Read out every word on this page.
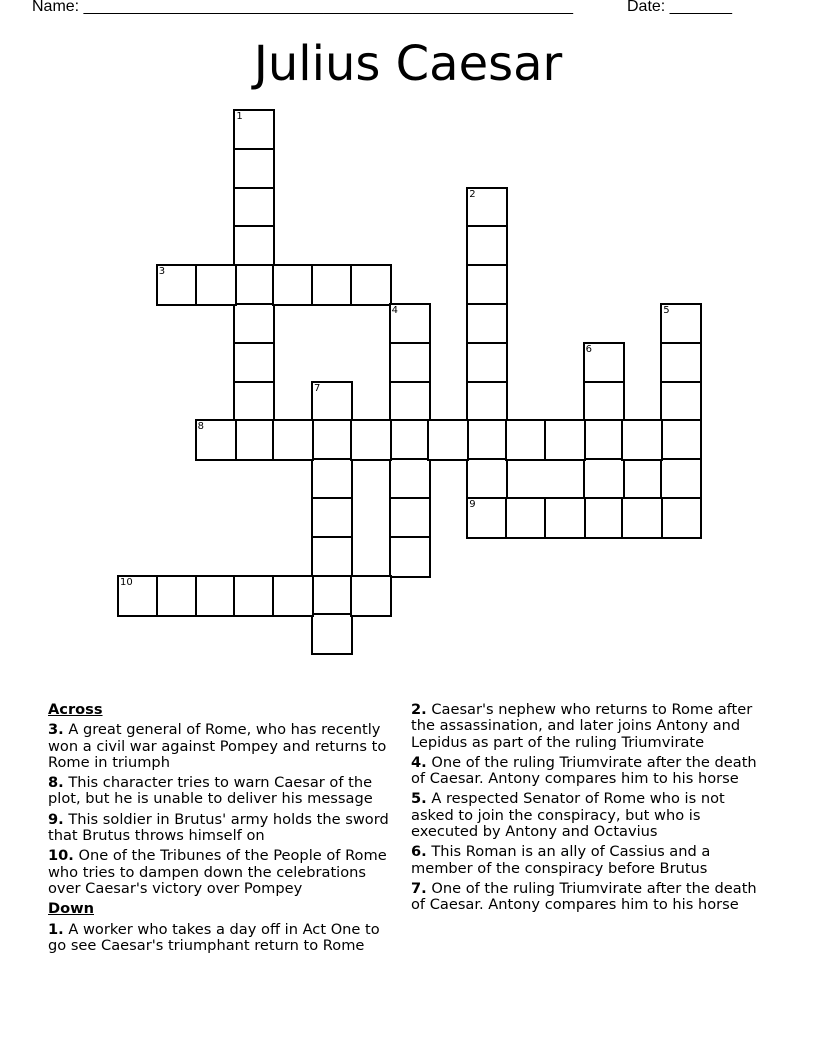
Name: _______________________________________________________	Date: _______
Julius Caesar
1
2
9
3
4	5
6
7
8
10
Across
3. A great general of Rome, who has recently won a civil war against Pompey and returns to Rome in triumph
8. This character tries to warn Caesar of the plot, but he is unable to deliver his message
9. This soldier in Brutus' army holds the sword that Brutus throws himself on
10. One of the Tribunes of the People of Rome who tries to dampen down the celebrations over Caesar's victory over Pompey
Down
1. A worker who takes a day off in Act One to go see Caesar's triumphant return to Rome
2. Caesar's nephew who returns to Rome after the assassination, and later joins Antony and Lepidus as part of the ruling Triumvirate
4. One of the ruling Triumvirate after the death of Caesar. Antony compares him to his horse
5. A respected Senator of Rome who is not asked to join the conspiracy, but who is executed by Antony and Octavius
6. This Roman is an ally of Cassius and a member of the conspiracy before Brutus
7. One of the ruling Triumvirate after the death of Caesar. Antony compares him to his horse
